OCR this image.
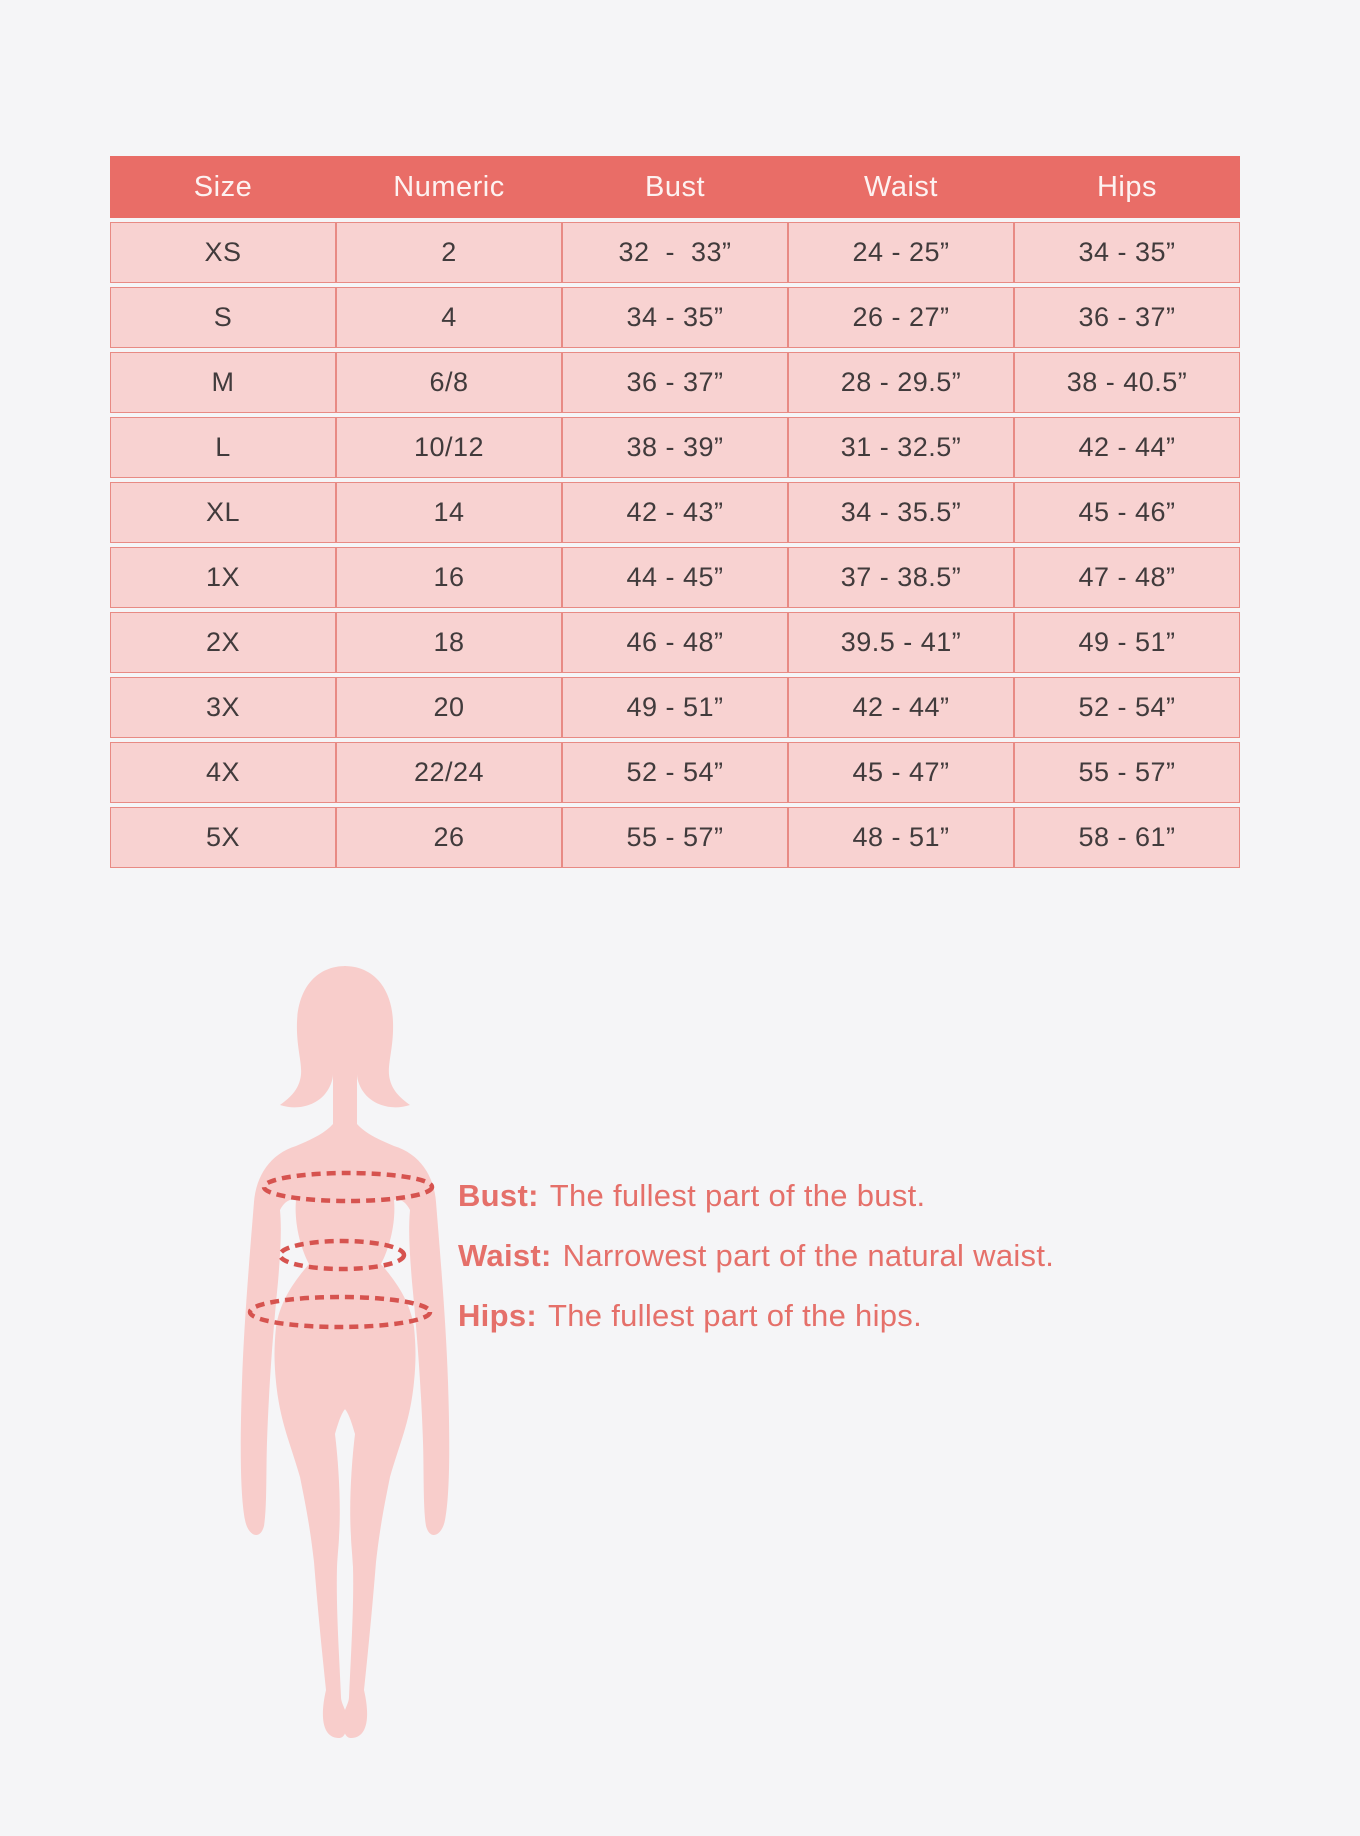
Size	Numeric	Bust	Waist	Hips
XS	2	32  -  33”	24 - 25”	34 - 35”
S	4	34 - 35”	26 - 27”	36 - 37”
M	6/8	36 - 37”	28 - 29.5”	38 - 40.5”
L	10/12	38 - 39”	31 - 32.5”	42 - 44”
XL	14	42 - 43”	34 - 35.5”	45 - 46”
1X	16	44 - 45”	37 - 38.5”	47 - 48”
2X	18	46 - 48”	39.5 - 41”	49 - 51”
3X	20	49 - 51”	42 - 44”	52 - 54”
4X	22/24	52 - 54”	45 - 47”	55 - 57”
5X	26	55 - 57”	48 - 51”	58 - 61”
Bust: The fullest part of the bust.
Waist: Narrowest part of the natural waist.
Hips: The fullest part of the hips.
